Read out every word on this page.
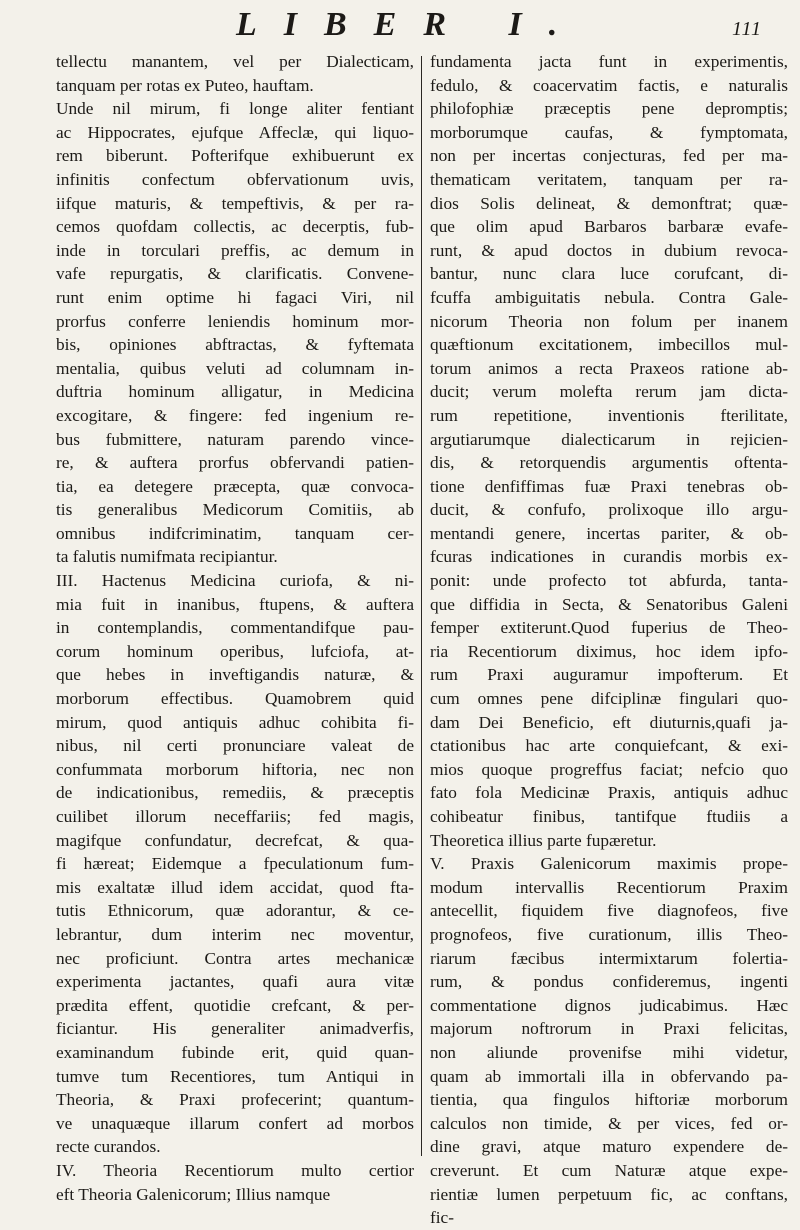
LIBER I.	111
tellectu manantem, vel per Dialecticam,
tanquam per rotas ex Puteo, hauftam.
Unde nil mirum, fi longe aliter fentiant
ac Hippocrates, ejufque Affeclæ, qui liquo-
rem biberunt. Pofterifque exhibuerunt ex
infinitis confectum obfervationum uvis,
iifque maturis, & tempeftivis, & per ra-
cemos quofdam collectis, ac decerptis, fub-
inde in torculari preffis, ac demum in
vafe repurgatis, & clarificatis. Convene-
runt enim optime hi fagaci Viri, nil
prorfus conferre leniendis hominum mor-
bis, opiniones abftractas, & fyftemata
mentalia, quibus veluti ad columnam in-
duftria hominum alligatur, in Medicina
excogitare, & fingere: fed ingenium re-
bus fubmittere, naturam parendo vince-
re, & auftera prorfus obfervandi patien-
tia, ea detegere præcepta, quæ convoca-
tis generalibus Medicorum Comitiis, ab
omnibus indifcriminatim, tanquam cer-
ta falutis numifmata recipiantur.
III. Hactenus Medicina curiofa, & ni-
mia fuit in inanibus, ftupens, & auftera
in contemplandis, commentandifque pau-
corum hominum operibus, lufciofa, at-
que hebes in inveftigandis naturæ, &
morborum effectibus. Quamobrem quid
mirum, quod antiquis adhuc cohibita fi-
nibus, nil certi pronunciare valeat de
confummata morborum hiftoria, nec non
de indicationibus, remediis, & præceptis
cuilibet illorum neceffariis; fed magis,
magifque confundatur, decrefcat, & qua-
fi hæreat; Eidemque a fpeculationum fum-
mis exaltatæ illud idem accidat, quod fta-
tutis Ethnicorum, quæ adorantur, & ce-
lebrantur, dum interim nec moventur,
nec proficiunt. Contra artes mechanicæ
experimenta jactantes, quafi aura vitæ
prædita effent, quotidie crefcant, & per-
ficiantur. His generaliter animadverfis,
examinandum fubinde erit, quid quan-
tumve tum Recentiores, tum Antiqui in
Theoria, & Praxi profecerint; quantum-
ve unaquæque illarum confert ad morbos
recte curandos.
IV. Theoria Recentiorum multo certior
eft Theoria Galenicorum; Illius namque
fundamenta jacta funt in experimentis,
fedulo, & coacervatim factis, e naturalis
philofophiæ præceptis pene depromptis;
morborumque caufas, & fymptomata,
non per incertas conjecturas, fed per ma-
thematicam veritatem, tanquam per ra-
dios Solis delineat, & demonftrat; quæ-
que olim apud Barbaros barbaræ evafe-
runt, & apud doctos in dubium revoca-
bantur, nunc clara luce corufcant, di-
fcuffa ambiguitatis nebula. Contra Gale-
nicorum Theoria non folum per inanem
quæftionum excitationem, imbecillos mul-
torum animos a recta Praxeos ratione ab-
ducit; verum molefta rerum jam dicta-
rum repetitione, inventionis fterilitate,
argutiarumque dialecticarum in rejicien-
dis, & retorquendis argumentis oftenta-
tione denfiffimas fuæ Praxi tenebras ob-
ducit, & confufo, prolixoque illo argu-
mentandi genere, incertas pariter, & ob-
fcuras indicationes in curandis morbis ex-
ponit: unde profecto tot abfurda, tanta-
que diffidia in Secta, & Senatoribus Galeni
femper extiterunt.Quod fuperius de Theo-
ria Recentiorum diximus, hoc idem ipfo-
rum Praxi auguramur impofterum. Et
cum omnes pene difciplinæ fingulari quo-
dam Dei Beneficio, eft diuturnis,quafi ja-
ctationibus hac arte conquiefcant, & exi-
mios quoque progreffus faciat; nefcio quo
fato fola Medicinæ Praxis, antiquis adhuc
cohibeatur finibus, tantifque ftudiis a
Theoretica illius parte fupæretur.
V. Praxis Galenicorum maximis prope-
modum intervallis Recentiorum Praxim
antecellit, fiquidem five diagnofeos, five
prognofeos, five curationum, illis Theo-
riarum fæcibus intermixtarum folertia-
rum, & pondus confideremus, ingenti
commentatione dignos judicabimus. Hæc
majorum noftrorum in Praxi felicitas,
non aliunde provenifse mihi videtur,
quam ab immortali illa in obfervando pa-
tientia, qua fingulos hiftoriæ morborum
calculos non timide, & per vices, fed or-
dine gravi, atque maturo expendere de-
creverunt. Et cum Naturæ atque expe-
rientiæ lumen perpetuum fic, ac conftans,
fic-
